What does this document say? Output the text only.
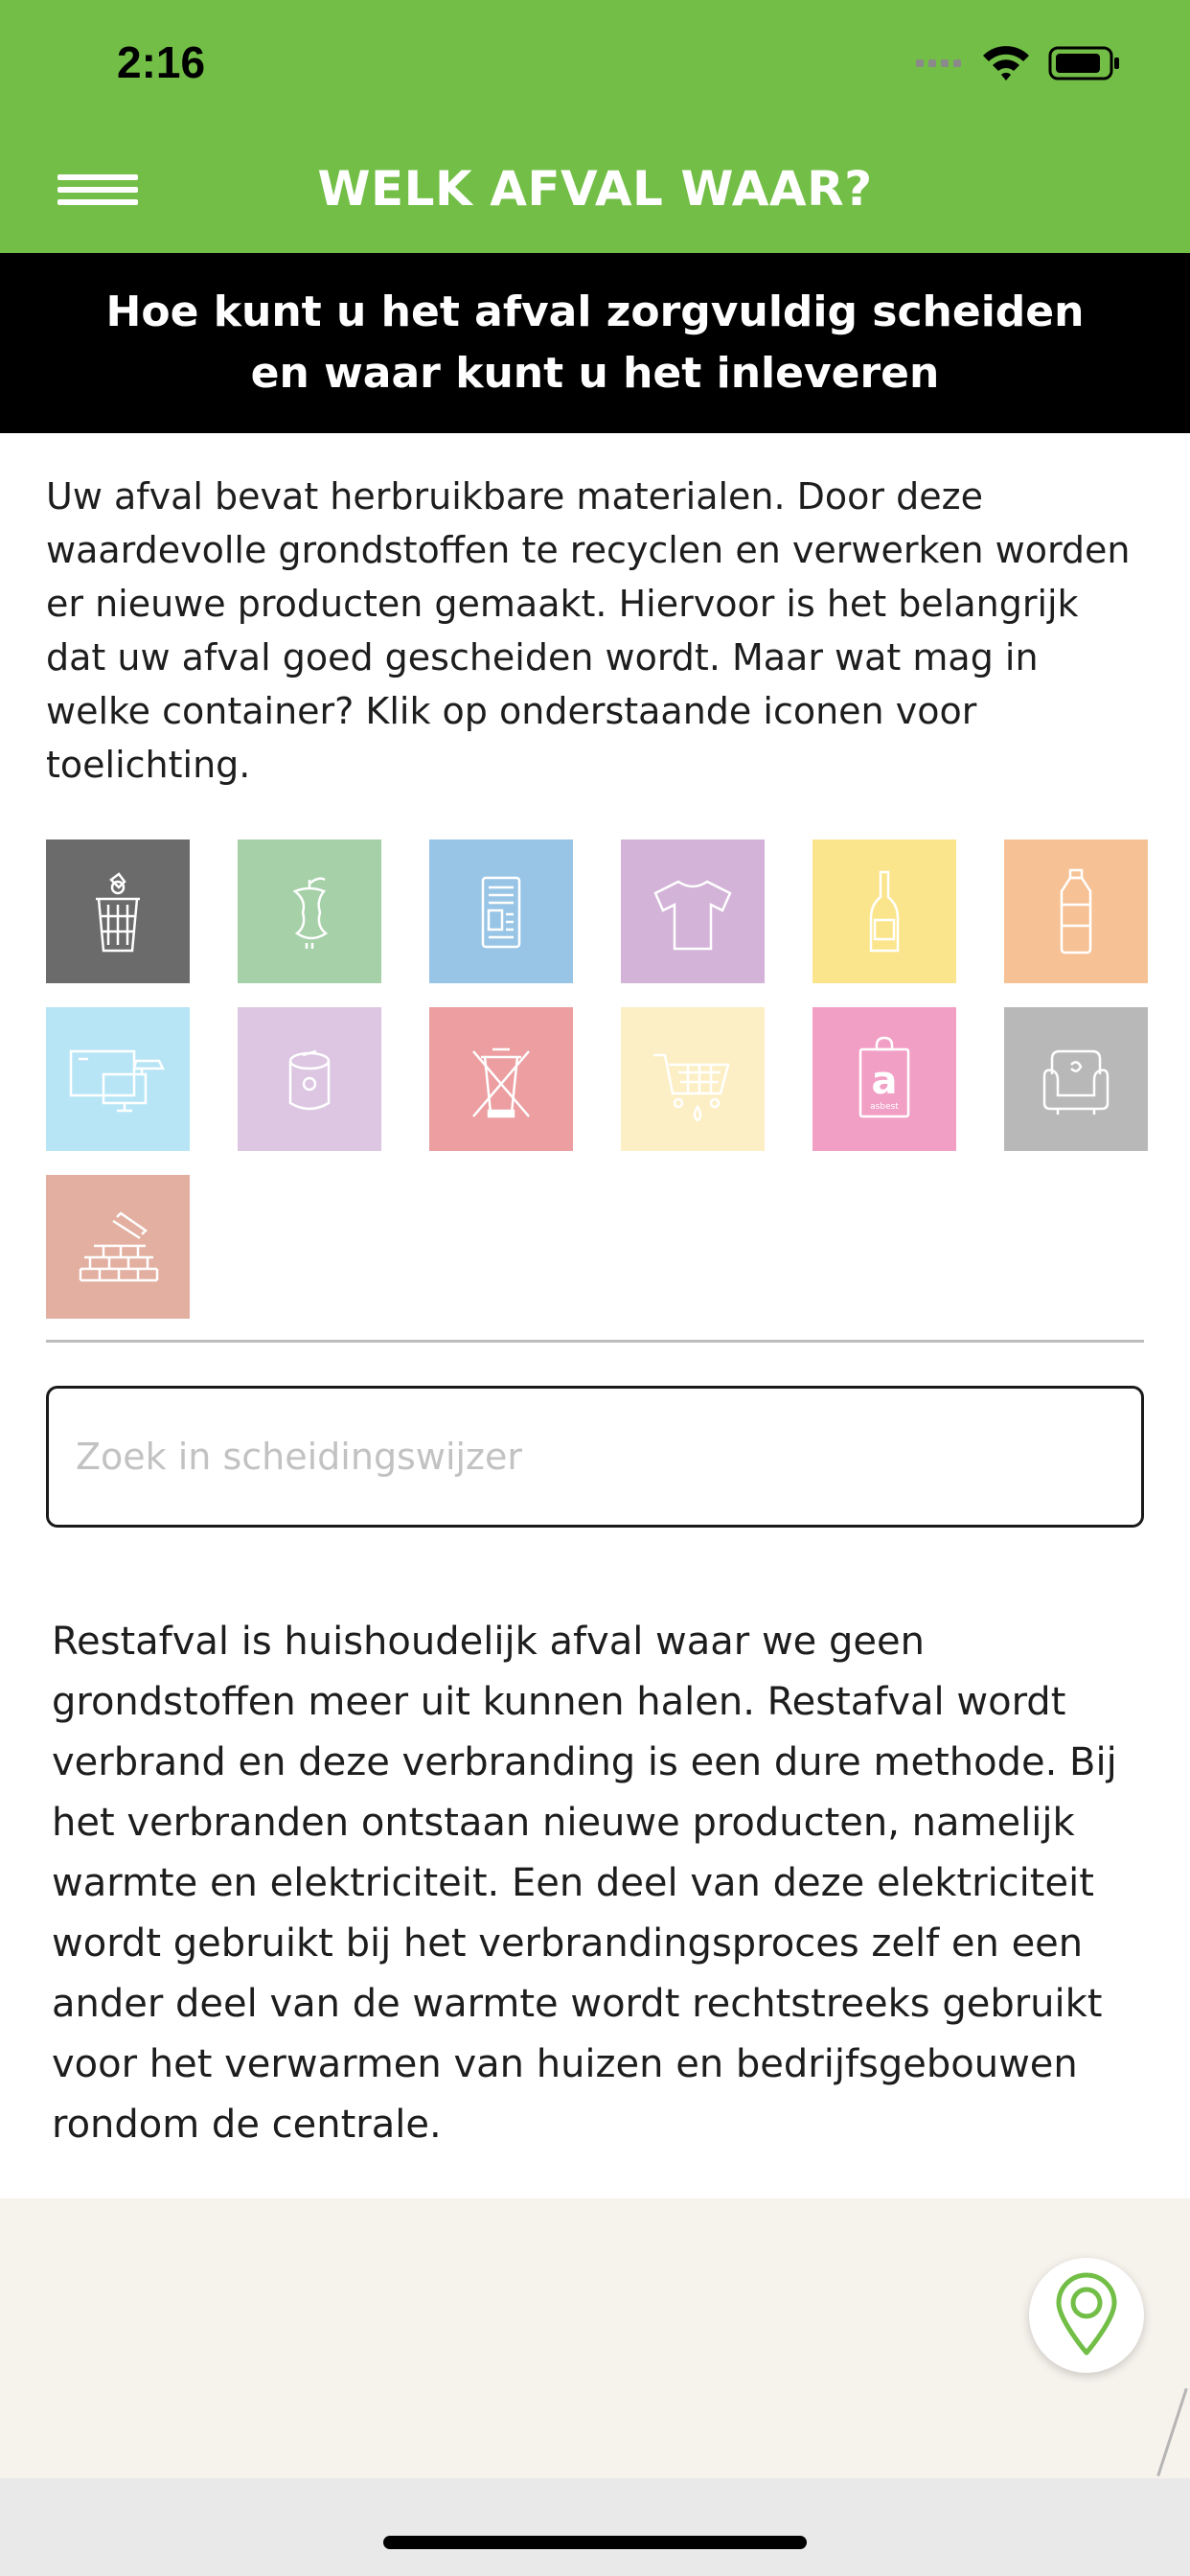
2:16
WELK AFVAL WAAR?
Hoe kunt u het afval zorgvuldig scheiden
en waar kunt u het inleveren
Uw afval bevat herbruikbare materialen. Door deze waardevolle grondstoffen te recyclen en verwerken worden er nieuwe producten gemaakt. Hiervoor is het belangrijk dat uw afval goed gescheiden wordt. Maar wat mag in welke container? Klik op onderstaande iconen voor toelichting.
a
asbest
Zoek in scheidingswijzer
Restafval is huishoudelijk afval waar we geen grondstoffen meer uit kunnen halen. Restafval wordt verbrand en deze verbranding is een dure methode. Bij het verbranden ontstaan nieuwe producten, namelijk warmte en elektriciteit. Een deel van deze elektriciteit wordt gebruikt bij het verbrandingsproces zelf en een ander deel van de warmte wordt rechtstreeks gebruikt voor het verwarmen van huizen en bedrijfsgebouwen rondom de centrale.
